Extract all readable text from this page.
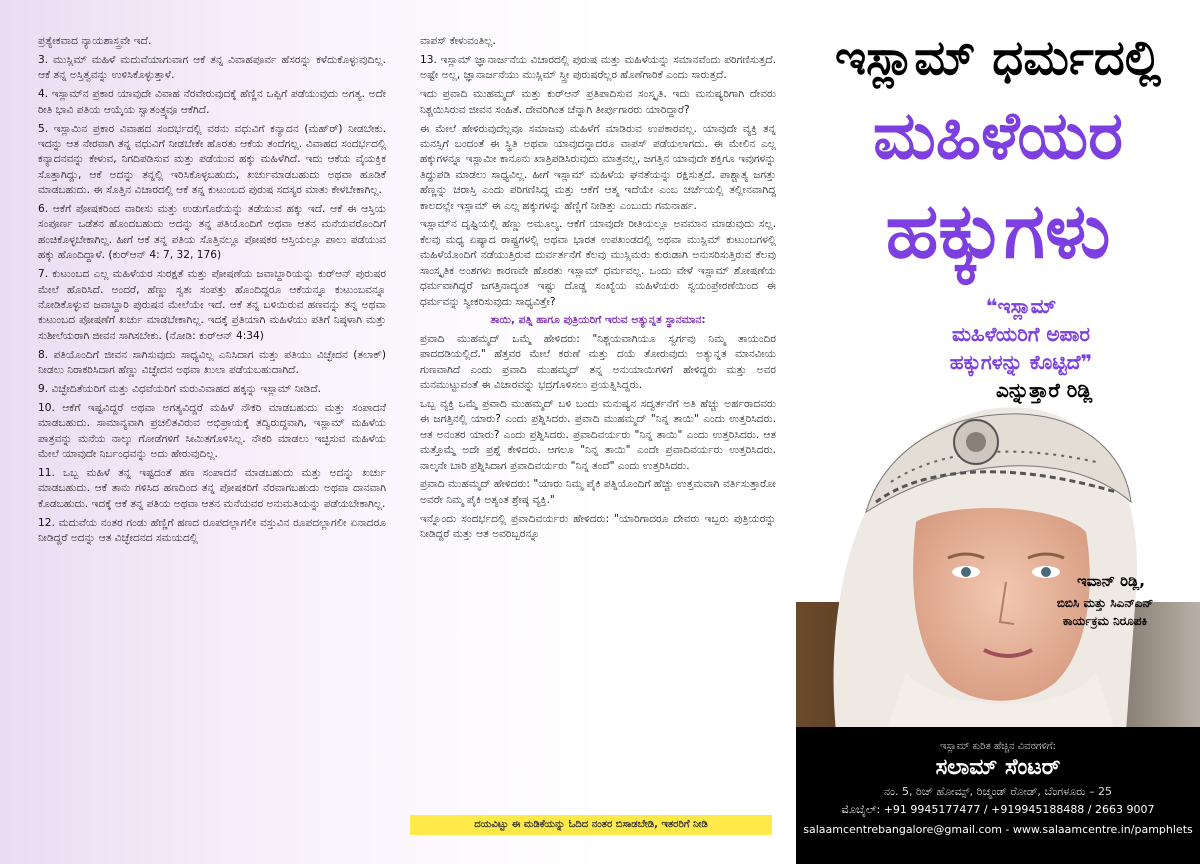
ಪ್ರತ್ಯೇಕವಾದ ನ್ಯಾಯಶಾಸ್ತ್ರವೇ ಇದೆ.

3. ಮುಸ್ಲಿಮ್ ಮಹಿಳೆ ಮದುವೆಯಾಗುವಾಗ ಆಕೆ ತನ್ನ ವಿವಾಹಪೂರ್ವ ಹೆಸರನ್ನು ಕಳೆದುಕೊಳ್ಳುವುದಿಲ್ಲ. ಆಕೆ ತನ್ನ ಅಸ್ತಿತ್ವವನ್ನು ಉಳಿಸಿಕೊಳ್ಳುತ್ತಾಳೆ.

4. ಇಸ್ಲಾಮ್‌ನ ಪ್ರಕಾರ ಯಾವುದೇ ವಿವಾಹ ನೆರವೇರುವುದಕ್ಕೆ ಹೆಣ್ಣಿನ ಒಪ್ಪಿಗೆ ಪಡೆಯುವುದು ಅಗತ್ಯ. ಅದೇ ರೀತಿ ಭಾವಿ ಪತಿಯ ಆಯ್ಕೆಯ ಸ್ವಾತಂತ್ರ್ಯವೂ ಆಕೆಗಿದೆ.

5. ಇಸ್ಲಾಮಿನ ಪ್ರಕಾರ ವಿವಾಹದ ಸಂದರ್ಭದಲ್ಲಿ ವರನು ವಧುವಿಗೆ ಕನ್ಯಾದನ (ಮಹ್‌ರ್) ನೀಡಬೇಕು. ಇದನ್ನು ಆತ ನೇರವಾಗಿ ತನ್ನ ವಧುವಿಗೆ ನೀಡಬೇಕೇ ಹೊರತು ಆಕೆಯ ತಂದೆಗಲ್ಲ. ವಿವಾಹದ ಸಂದರ್ಭದಲ್ಲಿ ಕನ್ಯಾದನವನ್ನು ಕೇಳುವ, ನಿಗದಿಪಡಿಸುವ ಮತ್ತು ಪಡೆಯುವ ಹಕ್ಕು ಮಹಿಳೆಗಿದೆ. ಇದು ಆಕೆಯ ವೈಯಕ್ತಿಕ ಸೊತ್ತಾಗಿದ್ದು, ಆಕೆ ಅದನ್ನು ತನ್ನಲ್ಲಿ ಇರಿಸಿಕೊಳ್ಳಬಹುದು, ಖರ್ಚುಮಾಡಬಹುದು ಅಥವಾ ಹೂಡಿಕೆ ಮಾಡಬಹುದು. ಈ ಸೊತ್ತಿನ ವಿಚಾರದಲ್ಲಿ ಆಕೆ ತನ್ನ ಕುಟುಂಬದ ಪುರುಷ ಸದಸ್ಯರ ಮಾತು ಕೇಳಬೇಕಾಗಿಲ್ಲ.

6. ಆಕೆಗೆ ಪೋಷಕರಿಂದ ವಾರೀಸು ಮತ್ತು ಉಡುಗೊರೆಯನ್ನು ತಡೆಯುವ ಹಕ್ಕು ಇದೆ. ಆಕೆ ಈ ಆಸ್ತಿಯ ಸಂಪೂರ್ಣ ಒಡೆತನ ಹೊಂದಬಹುದು ಅದನ್ನು ತನ್ನ ಪತಿಯೊಂದಿಗೆ ಅಥವಾ ಆತನ ಮನೆಯವರೊಂದಿಗೆ ಹಂಚಿಕೊಳ್ಳಬೇಕಾಗಿಲ್ಲ. ಹೀಗೆ ಆಕೆ ತನ್ನ ಪತಿಯ ಸೊತ್ತಿನಲ್ಲೂ ಪೋಷಕರ ಆಸ್ತಿಯಲ್ಲೂ ಪಾಲು ಪಡೆಯುವ ಹಕ್ಕು ಹೊಂದಿದ್ದಾಳೆ. (ಕುರ್‌ಆನ್ 4: 7, 32, 176)

7. ಕುಟುಂಬದ ಎಲ್ಲ ಮಹಿಳೆಯರ ಸುರಕ್ಷತೆ ಮತ್ತು ಪೋಷಣೆಯ ಜವಾಬ್ದಾರಿಯನ್ನು ಕುರ್‌ಆನ್ ಪುರುಷರ ಮೇಲೆ ಹೊರಿಸಿದೆ. ಅಂದರೆ, ಹೆಣ್ಣು ಸ್ವತಃ ಸಂಪತ್ತು ಹೊಂದಿದ್ದರೂ ಆಕೆಯನ್ನೂ ಕುಟುಂಬವನ್ನೂ ನೋಡಿಕೊಳ್ಳುವ ಜವಾಬ್ದಾರಿ ಪುರುಷನ ಮೇಲೆಯೇ ಇದೆ. ಆಕೆ ತನ್ನ ಬಳಿಯಿರುವ ಹಣವನ್ನು ತನ್ನ ಅಥವಾ ಕುಟುಂಬದ ಪೋಷಣೆಗೆ ಖರ್ಚು ಮಾಡಬೇಕಾಗಿಲ್ಲ. ಇದಕ್ಕೆ ಪ್ರತಿಯಾಗಿ ಮಹಿಳೆಯು ಪತಿಗೆ ನಿಷ್ಠಳಾಗಿ ಮತ್ತು ಸುಶೀಲೆಯರಾಗಿ ಜೀವನ ಸಾಗಿಸಬೇಕು. (ನೋಡಿ: ಕುರ್‌ಆನ್ 4:34)

8. ಪತಿಯೊಂದಿಗೆ ಜೀವನ ಸಾಗಿಸುವುದು ಸಾಧ್ಯವಿಲ್ಲ ಎನಿಸಿದಾಗ ಮತ್ತು ಪತಿಯು ವಿಚ್ಛೇದನ (ತಲಾಕ್) ನೀಡಲು ನಿರಾಕರಿಸಿದಾಗ ಹೆಣ್ಣು ವಿಚ್ಛೇದನ ಅಥವಾ ಖುಲಾ ಪಡೆಯಬಹುದಾಗಿದೆ.

9. ವಿಚ್ಛೇದಿತೆಯರಿಗೆ ಮತ್ತು ವಿಧವೆಯರಿಗೆ ಮರುವಿವಾಹದ ಹಕ್ಕನ್ನು ಇಸ್ಲಾಮ್ ನೀಡಿದೆ.

10. ಆಕೆಗೆ ಇಷ್ಟವಿದ್ದರೆ ಅಥವಾ ಅಗತ್ಯವಿದ್ದರೆ ಮಹಿಳೆ ನೌಕರಿ ಮಾಡಬಹುದು ಮತ್ತು ಸಂಪಾದನೆ ಮಾಡಬಹುದು. ಸಾಮಾನ್ಯವಾಗಿ ಪ್ರಚಲಿತವಿರುವ ಅಭಿಪ್ರಾಯಕ್ಕೆ ತದ್ವಿರುದ್ಧವಾಗಿ, ಇಸ್ಲಾಮ್ ಮಹಿಳೆಯ ಪಾತ್ರವನ್ನು ಮನೆಯ ನಾಲ್ಕು ಗೋಡೆಗಳಿಗೆ ಸೀಮಿತಗೊಳಿಸಿಲ್ಲ. ನೌಕರಿ ಮಾಡಲು ಇಚ್ಛಿಸುವ ಮಹಿಳೆಯ ಮೇಲೆ ಯಾವುದೇ ನಿರ್ಬಂಧವನ್ನು ಅದು ಹೇರುವುದಿಲ್ಲ.

11. ಒಬ್ಬ ಮಹಿಳೆ ತನ್ನ ಇಷ್ಟದಂತೆ ಹಣ ಸಂಪಾದನೆ ಮಾಡಬಹುದು ಮತ್ತು ಅದನ್ನು ಖರ್ಚು ಮಾಡಬಹುದು. ಆಕೆ ತಾನು ಗಳಿಸಿದ ಹಣದಿಂದ ತನ್ನ ಪೋಷಕರಿಗೆ ನೆರವಾಗಬಹುದು ಅಥವಾ ದಾನವಾಗಿ ಕೊಡಬಹುದು. ಇದಕ್ಕೆ ಆಕೆ ತನ್ನ ಪತಿಯ ಅಥವಾ ಆತನ ಮನೆಯವರ ಅನುಮತಿಯನ್ನು ಪಡೆಯಬೇಕಾಗಿಲ್ಲ.

12. ಮದುವೆಯ ನಂತರ ಗಂಡು ಹೆಣ್ಣಿಗೆ ಹಣದ ರೂಪದಲ್ಲಾಗಲೀ ವಸ್ತುವಿನ ರೂಪದಲ್ಲಾಗಲೀ ಏನಾದರೂ ನೀಡಿದ್ದರೆ ಅದನ್ನು ಆತ ವಿಚ್ಛೇದನದ ಸಮಯದಲ್ಲಿ

ವಾಪಸ್ ಕೇಳುವಂತಿಲ್ಲ.

13. ಇಸ್ಲಾಮ್ ಜ್ಞಾನಾರ್ಜನೆಯ ವಿಚಾರದಲ್ಲಿ ಪುರುಷ ಮತ್ತು ಮಹಿಳೆಯನ್ನು ಸಮಾನವೆಂದು ಪರಿಗಣಿಸುತ್ತದೆ. ಅಷ್ಟೇ ಅಲ್ಲ, ಜ್ಞಾನಾರ್ಜನೆಯು ಮುಸ್ಲಿಮ್ ಸ್ತ್ರೀ ಪುರುಷರೆಲ್ಲರ ಹೊಣೆಗಾರಿಕೆ ಎಂದು ಸಾರುತ್ತದೆ.

ಇದು ಪ್ರವಾದಿ ಮುಹಮ್ಮದ್ ಮತ್ತು ಕುರ್‌ಆನ್ ಪ್ರತಿಪಾದಿಸುವ ಸಂಸ್ಕೃತಿ. ಇದು ಮನುಷ್ಯರಿಗಾಗಿ ದೇವರು ನಿಶ್ಚಯಿಸಿರುವ ಜೀವನ ಸಂಹಿತೆ. ದೇವರಿಗಿಂತ ಚೆನ್ನಾಗಿ ತೀರ್ಪುಗಾರರು ಯಾರಿದ್ದಾರೆ?

ಈ ಮೇಲೆ ಹೇಳಿರುವುದೆಲ್ಲವೂ ಸಮಾಜವು ಮಹಿಳೆಗೆ ಮಾಡಿರುವ ಉಪಕಾರವಲ್ಲ. ಯಾವುದೇ ವ್ಯಕ್ತಿ ತನ್ನ ಮನಸ್ಸಿಗೆ ಬಂದಂತೆ ಈ ಸ್ಥಿತಿ ಅಥವಾ ಯಾವುದನ್ನಾದರೂ ವಾಪಸ್ ಪಡೆಯಲಾಗದು. ಈ ಮೇಲಿನ ಎಲ್ಲ ಹಕ್ಕುಗಳನ್ನೂ ಇಸ್ಲಾಮೀ ಕಾನೂನು ಖಾತ್ರಿಪಡಿಸಿರುವುದು ಮಾತ್ರವಲ್ಲ, ಜಗತ್ತಿನ ಯಾವುದೇ ಶಕ್ತಿಗೂ ಇವುಗಳನ್ನು ತಿದ್ದುಪಡಿ ಮಾಡಲು ಸಾಧ್ಯವಿಲ್ಲ. ಹೀಗೆ ಇಸ್ಲಾಮ್ ಮಹಿಳೆಯ ಘನತೆಯನ್ನು ರಕ್ಷಿಸುತ್ತದೆ. ಪಾಶ್ಚಾತ್ಯ ಜಗತ್ತು ಹೆಣ್ಣನ್ನು ಚರಾಸ್ತಿ ಎಂದು ಪರಿಗಣಿಸಿದ್ದ ಮತ್ತು ಆಕೆಗೆ ಆತ್ಮ ಇದೆಯೇ ಎಂಬ ಚರ್ಚೆಯಲ್ಲಿ ತಲ್ಲೀನವಾಗಿದ್ದ ಕಾಲದಲ್ಲೇ ಇಸ್ಲಾಮ್ ಈ ಎಲ್ಲ ಹಕ್ಕುಗಳನ್ನು ಹೆಣ್ಣಿಗೆ ನೀಡಿತ್ತು ಎಂಬುದು ಗಮನಾರ್ಹ.

ಇಸ್ಲಾಮ್‌ನ ದೃಷ್ಟಿಯಲ್ಲಿ ಹೆಣ್ಣು ಅಮೂಲ್ಯ. ಆಕೆಗೆ ಯಾವುದೇ ರೀತಿಯಲ್ಲೂ ಅವಮಾನ ಮಾಡುವುದು ಸಲ್ಲ. ಕೆಲವು ಮಧ್ಯ ಏಷ್ಯಾದ ರಾಷ್ಟ್ರಗಳಲ್ಲಿ ಅಥವಾ ಭಾರತ ಉಪಖಂಡದಲ್ಲಿ ಅಥವಾ ಮುಸ್ಲಿಮ್ ಕುಟುಂಬಗಳಲ್ಲಿ ಮಹಿಳೆಯೊಂದಿಗೆ ನಡೆಯುತ್ತಿರುವ ದುರ್ವರ್ತನೆಗೆ ಕೆಲವು ಮುಸ್ಲಿಮರು ಕುರುಡಾಗಿ ಅನುಸರಿಸುತ್ತಿರುವ ಕೆಲವು ಸಾಂಸ್ಕೃತಿಕ ಅಂಶಗಳು ಕಾರಣವೇ ಹೊರತು ಇಸ್ಲಾಮ್ ಧರ್ಮವಲ್ಲ. ಒಂದು ವೇಳೆ ಇಸ್ಲಾಮ್ ಶೋಷಣೆಯ ಧರ್ಮವಾಗಿದ್ದರೆ ಜಗತ್ತಿನಾದ್ಯಂತ ಇಷ್ಟು ದೊಡ್ಡ ಸಂಖ್ಯೆಯ ಮಹಿಳೆಯರು ಸ್ವಯಂಪ್ರೇರಣೆಯಿಂದ ಈ ಧರ್ಮವನ್ನು ಸ್ವೀಕರಿಸುವುದು ಸಾಧ್ಯವಿತ್ತೇ?

ತಾಯಿ, ಪತ್ನಿ ಹಾಗೂ ಪುತ್ರಿಯರಿಗೆ ಇರುವ ಅತ್ಯುನ್ನತ ಸ್ಥಾನಮಾನ:

ಪ್ರವಾದಿ ಮುಹಮ್ಮದ್ ಒಮ್ಮೆ ಹೇಳಿದರು: "ನಿಶ್ಚಯವಾಗಿಯೂ ಸ್ವರ್ಗವು ನಿಮ್ಮ ತಾಯಂದಿರ ಪಾದದಡಿಯಲ್ಲಿದೆ." ಹೆತ್ತವರ ಮೇಲೆ ಕರುಣೆ ಮತ್ತು ದಯೆ ತೋರುವುದು ಅತ್ಯುನ್ನತ ಮಾನವೀಯ ಗುಣವಾಗಿದೆ ಎಂದು ಪ್ರವಾದಿ ಮುಹಮ್ಮದ್ ತನ್ನ ಅನುಯಾಯಿಗಳಿಗೆ ಹೇಳಿದ್ದರು ಮತ್ತು ಅವರ ಮನಮುಟ್ಟುವಂತೆ ಈ ವಿಚಾರವನ್ನು ಭದ್ರಗೊಳಿಸಲು ಪ್ರಯತ್ನಿಸಿದ್ದರು.

ಒಬ್ಬ ವ್ಯಕ್ತಿ ಒಮ್ಮೆ ಪ್ರವಾದಿ ಮುಹಮ್ಮದ್ ಬಳಿ ಬಂದು ಮನುಷ್ಯನ ಸದ್ವರ್ತನೆಗೆ ಅತಿ ಹೆಚ್ಚು ಅರ್ಹರಾದವರು ಈ ಜಗತ್ತಿನಲ್ಲಿ ಯಾರು? ಎಂದು ಪ್ರಶ್ನಿಸಿದರು. ಪ್ರವಾದಿ ಮುಹಮ್ಮದ್ "ನಿನ್ನ ತಾಯಿ" ಎಂದು ಉತ್ತರಿಸಿದರು. ಆತ ಅನಂತರ ಯಾರು? ಎಂದು ಪ್ರಶ್ನಿಸಿದರು. ಪ್ರವಾದಿವರ್ಯರು "ನಿನ್ನ ತಾಯಿ" ಎಂದು ಉತ್ತರಿಸಿದರು. ಆತ ಮತ್ತೊಮ್ಮೆ ಅದೇ ಪ್ರಶ್ನೆ ಕೇಳಿದರು. ಆಗಲೂ "ನಿನ್ನ ತಾಯಿ" ಎಂದೇ ಪ್ರವಾದಿವರ್ಯರು ಉತ್ತರಿಸಿದರು. ನಾಲ್ಕನೇ ಬಾರಿ ಪ್ರಶ್ನಿಸಿದಾಗ ಪ್ರವಾದಿವರ್ಯರು "ನಿನ್ನ ತಂದೆ" ಎಂದು ಉತ್ತರಿಸಿದರು.

ಪ್ರವಾದಿ ಮುಹಮ್ಮದ್ ಹೇಳಿದರು: "ಯಾರು ನಿಮ್ಮ ಪೈಕಿ ಪತ್ನಿಯೊಂದಿಗೆ ಹೆಚ್ಚು ಉತ್ತಮವಾಗಿ ವರ್ತಿಸುತ್ತಾರೋ ಅವರೇ ನಿಮ್ಮ ಪೈಕಿ ಅತ್ಯಂತ ಶ್ರೇಷ್ಠ ವ್ಯಕ್ತಿ."

ಇನ್ನೊಂದು ಸಂದರ್ಭದಲ್ಲಿ ಪ್ರವಾದಿವರ್ಯರು ಹೇಳಿದರು: "ಯಾರಿಗಾದರೂ ದೇವರು ಇಬ್ಬರು ಪುತ್ರಿಯರನ್ನು ನೀಡಿದ್ದರೆ ಮತ್ತು ಆತ ಅವರಿಬ್ಬರನ್ನೂ

ದಯವಿಟ್ಟು ಈ ಮಡಿಕೆಯನ್ನು ಓದಿದ ನಂತರ ಬಿಸಾಡಬೇಡಿ, ಇತರರಿಗೆ ನೀಡಿ
ಇಸ್ಲಾಮ್ ಧರ್ಮದಲ್ಲಿ
ಮಹಿಳೆಯರ
ಹಕ್ಕುಗಳು
❝ಇಸ್ಲಾಮ್
ಮಹಿಳೆಯರಿಗೆ ಅಪಾರ
ಹಕ್ಕುಗಳನ್ನು ಕೊಟ್ಟಿದೆ❞
ಎನ್ನುತ್ತಾರೆ ರಿಡ್ಲಿ
ಇವಾನ್ ರಿಡ್ಲಿ,
ಬಿಬಿಸಿ ಮತ್ತು ಸಿಎನ್‌ಎನ್
ಕಾರ್ಯಕ್ರಮ ನಿರೂಪಕಿ
ಇಸ್ಲಾಮ್ ಕುರಿತ ಹೆಚ್ಚಿನ ವಿವರಗಳಿಗೆ:
ಸಲಾಮ್ ಸೆಂಟರ್
ನಂ. 5, ರಿಚ್ ಹೋಮ್ಸ್, ರಿಚ್ಮಂಡ್ ರೋಡ್, ಬೆಂಗಳೂರು – 25
ಮೊಬೈಲ್: +91 9945177477 / +919945188488 / 2663 9007
salaamcentrebangalore@gmail.com - www.salaamcentre.in/pamphlets
